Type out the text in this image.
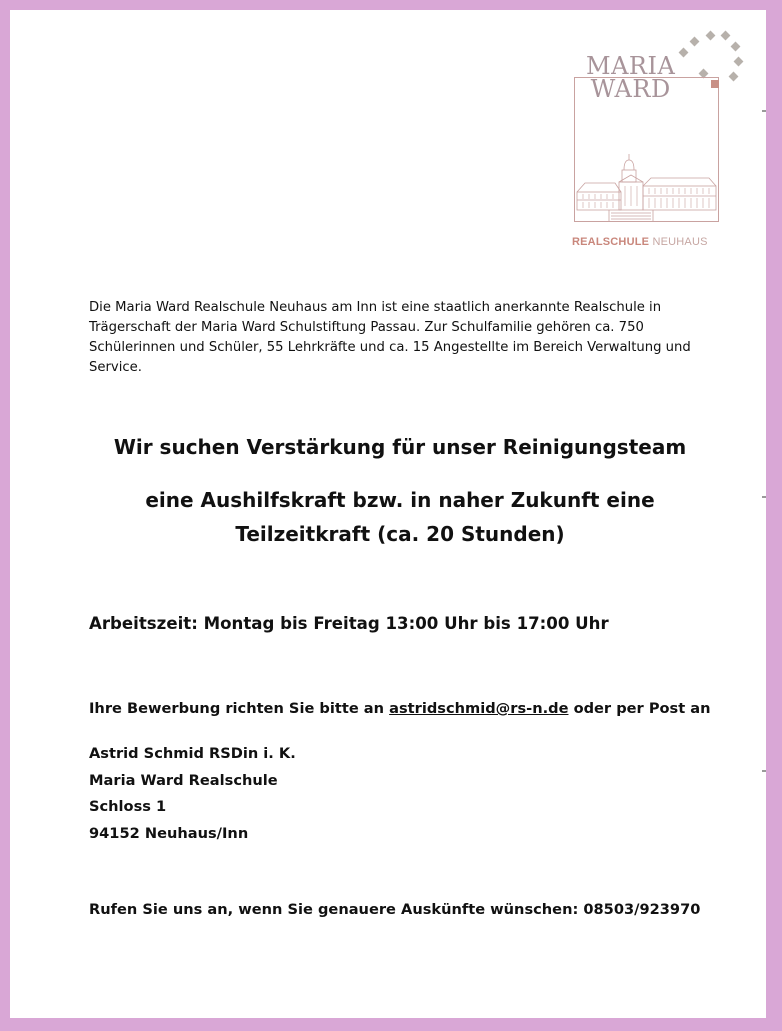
MARIA
WARD
REALSCHULE NEUHAUS
Die Maria Ward Realschule Neuhaus am Inn ist eine staatlich anerkannte Realschule in Trägerschaft der Maria Ward Schulstiftung Passau. Zur Schulfamilie gehören ca. 750 Schülerinnen und Schüler, 55 Lehrkräfte und ca. 15 Angestellte im Bereich Verwaltung und Service.
Wir suchen Verstärkung für unser Reinigungsteam
eine Aushilfskraft bzw. in naher Zukunft eine
Teilzeitkraft (ca. 20 Stunden)
Arbeitszeit: Montag bis Freitag 13:00 Uhr bis 17:00 Uhr
Ihre Bewerbung richten Sie bitte an astridschmid@rs-n.de oder per Post an
Astrid Schmid RSDin i. K.
Maria Ward Realschule
Schloss 1
94152 Neuhaus/Inn
Rufen Sie uns an, wenn Sie genauere Auskünfte wünschen: 08503/923970
